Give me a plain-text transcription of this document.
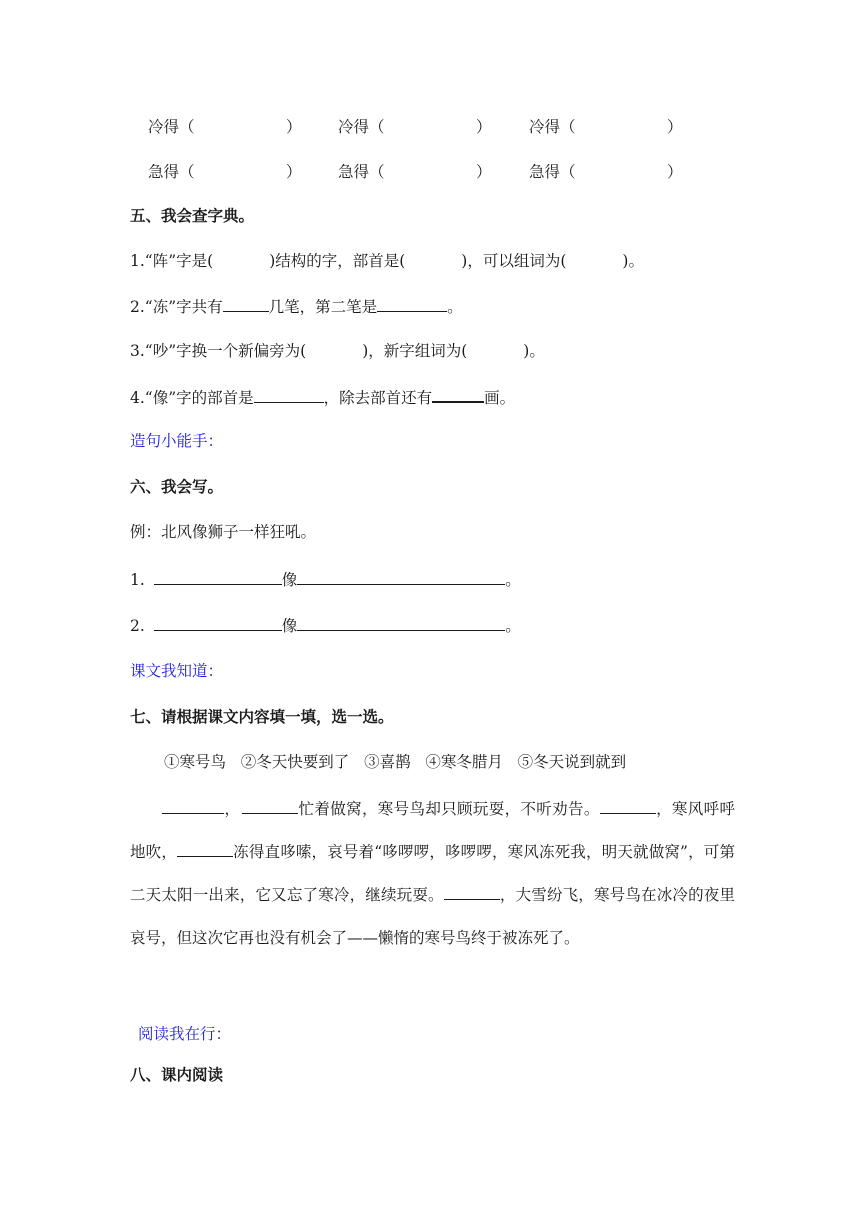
冷得（	） 冷得（	） 冷得（	）
急得（	） 急得（	） 急得（	）
五、我会查字典。
1.“阵”字是(	)结构的字，部首是(	)，可以组词为(	)。
2.“冻”字共有	几笔，第二笔是	。
3.“吵”字换一个新偏旁为(	)，新字组词为(	)。
4.“像”字的部首是	，除去部首还有	画。
造句小能手：
六、我会写。
例：北风像狮子一样狂吼。
1.	像	。
2.	像	。
课文我知道：
七、请根据课文内容填一填，选一选。
①寒号鸟   ②冬天快要到了   ③喜鹊   ④寒冬腊月   ⑤冬天说到就到
，	忙着做窝，寒号鸟却只顾玩耍，不听劝告。	，寒风呼呼地吹，	冻得直哆嗦，哀号着“哆啰啰，哆啰啰，寒风冻死我，明天就做窝”，可第二天太阳一出来，它又忘了寒冷，继续玩耍。	，大雪纷飞，寒号鸟在冰冷的夜里哀号，但这次它再也没有机会了——懒惰的寒号鸟终于被冻死了。
阅读我在行：
八、课内阅读
